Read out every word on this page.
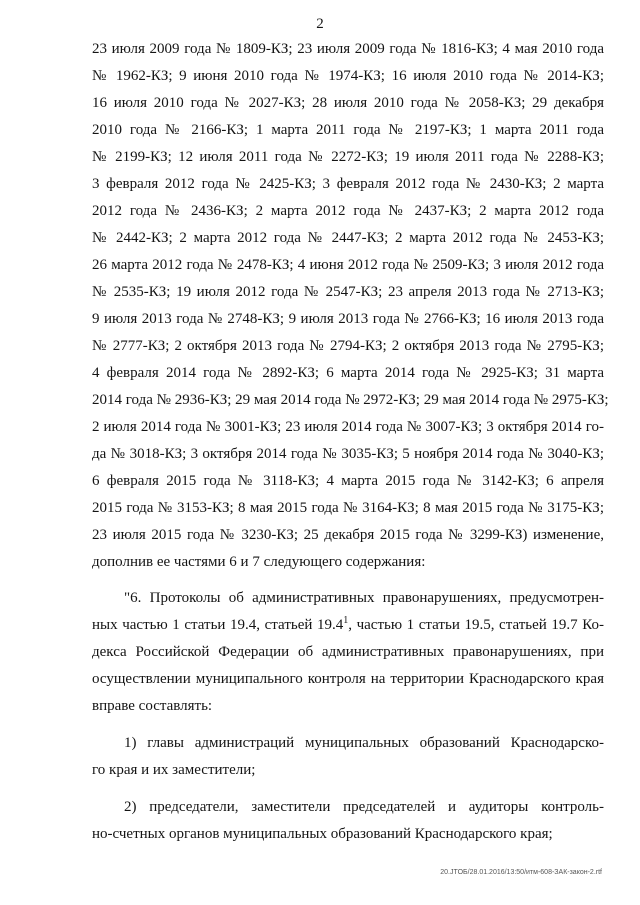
2
23 июля 2009 года № 1809-КЗ; 23 июля 2009 года № 1816-КЗ; 4 мая 2010 года
№ 1962-КЗ; 9 июня 2010 года № 1974-КЗ; 16 июля 2010 года № 2014-КЗ;
16 июля 2010 года № 2027-КЗ; 28 июля 2010 года № 2058-КЗ; 29 декабря
2010 года № 2166-КЗ; 1 марта 2011 года № 2197-КЗ; 1 марта 2011 года
№ 2199-КЗ; 12 июля 2011 года № 2272-КЗ; 19 июля 2011 года № 2288-КЗ;
3 февраля 2012 года № 2425-КЗ; 3 февраля 2012 года № 2430-КЗ; 2 марта
2012 года № 2436-КЗ; 2 марта 2012 года № 2437-КЗ; 2 марта 2012 года
№ 2442-КЗ; 2 марта 2012 года № 2447-КЗ; 2 марта 2012 года № 2453-КЗ;
26 марта 2012 года № 2478-КЗ; 4 июня 2012 года № 2509-КЗ; 3 июля 2012 года
№ 2535-КЗ; 19 июля 2012 года № 2547-КЗ; 23 апреля 2013 года № 2713-КЗ;
9 июля 2013 года № 2748-КЗ; 9 июля 2013 года № 2766-КЗ; 16 июля 2013 года
№ 2777-КЗ; 2 октября 2013 года № 2794-КЗ; 2 октября 2013 года № 2795-КЗ;
4 февраля 2014 года № 2892-КЗ; 6 марта 2014 года № 2925-КЗ; 31 марта
2014 года № 2936-КЗ; 29 мая 2014 года № 2972-КЗ; 29 мая 2014 года № 2975-КЗ;
2 июля 2014 года № 3001-КЗ; 23 июля 2014 года № 3007-КЗ; 3 октября 2014 го-
да № 3018-КЗ; 3 октября 2014 года № 3035-КЗ; 5 ноября 2014 года № 3040-КЗ;
6 февраля 2015 года № 3118-КЗ; 4 марта 2015 года № 3142-КЗ; 6 апреля
2015 года № 3153-КЗ; 8 мая 2015 года № 3164-КЗ; 8 мая 2015 года № 3175-КЗ;
23 июля 2015 года № 3230-КЗ; 25 декабря 2015 года № 3299-КЗ) изменение,
дополнив ее частями 6 и 7 следующего содержания:
"6. Протоколы об административных правонарушениях, предусмотрен-
ных частью 1 статьи 19.4, статьей 19.4$^1$, частью 1 статьи 19.5, статьей 19.7 Ко-
декса Российской Федерации об административных правонарушениях, при
осуществлении муниципального контроля на территории Краснодарского края
вправе составлять:
1) главы администраций муниципальных образований Краснодарско-
го края и их заместители;
2) председатели, заместители председателей и аудиторы контроль-
но-счетных органов муниципальных образований Краснодарского края;
20.JTOБ/28.01.2016/13:50/итм-608-ЗАК-закон-2.rtf
